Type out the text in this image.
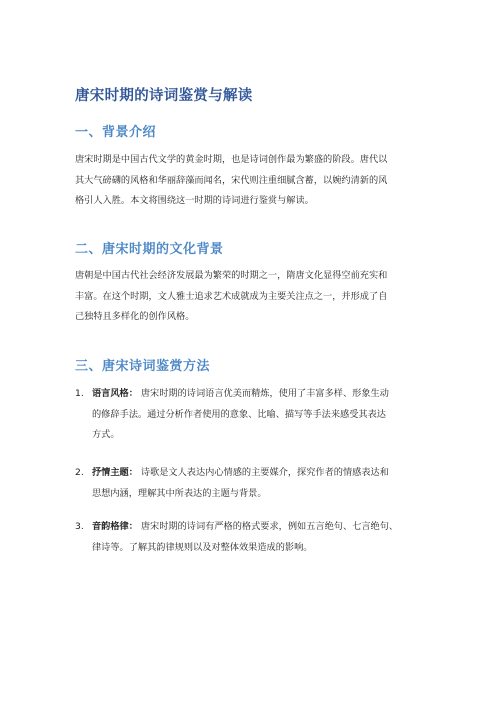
唐宋时期的诗词鉴赏与解读
一、背景介绍
唐宋时期是中国古代文学的黄金时期，也是诗词创作最为繁盛的阶段。唐代以
其大气磅礴的风格和华丽辞藻而闻名，宋代则注重细腻含蓄，以婉约清新的风
格引人入胜。本文将围绕这一时期的诗词进行鉴赏与解读。
二、唐宋时期的文化背景
唐朝是中国古代社会经济发展最为繁荣的时期之一，隋唐文化显得空前充实和
丰富。在这个时期，文人雅士追求艺术成就成为主要关注点之一，并形成了自
己独特且多样化的创作风格。
三、唐宋诗词鉴赏方法
1. 语言风格： 唐宋时期的诗词语言优美而精炼，使用了丰富多样、形象生动
的修辞手法。通过分析作者使用的意象、比喻、描写等手法来感受其表达
方式。
2. 抒情主题： 诗歌是文人表达内心情感的主要媒介，探究作者的情感表达和
思想内涵，理解其中所表达的主题与背景。
3. 音韵格律： 唐宋时期的诗词有严格的格式要求，例如五言绝句、七言绝句、
律诗等。了解其韵律规则以及对整体效果造成的影响。
